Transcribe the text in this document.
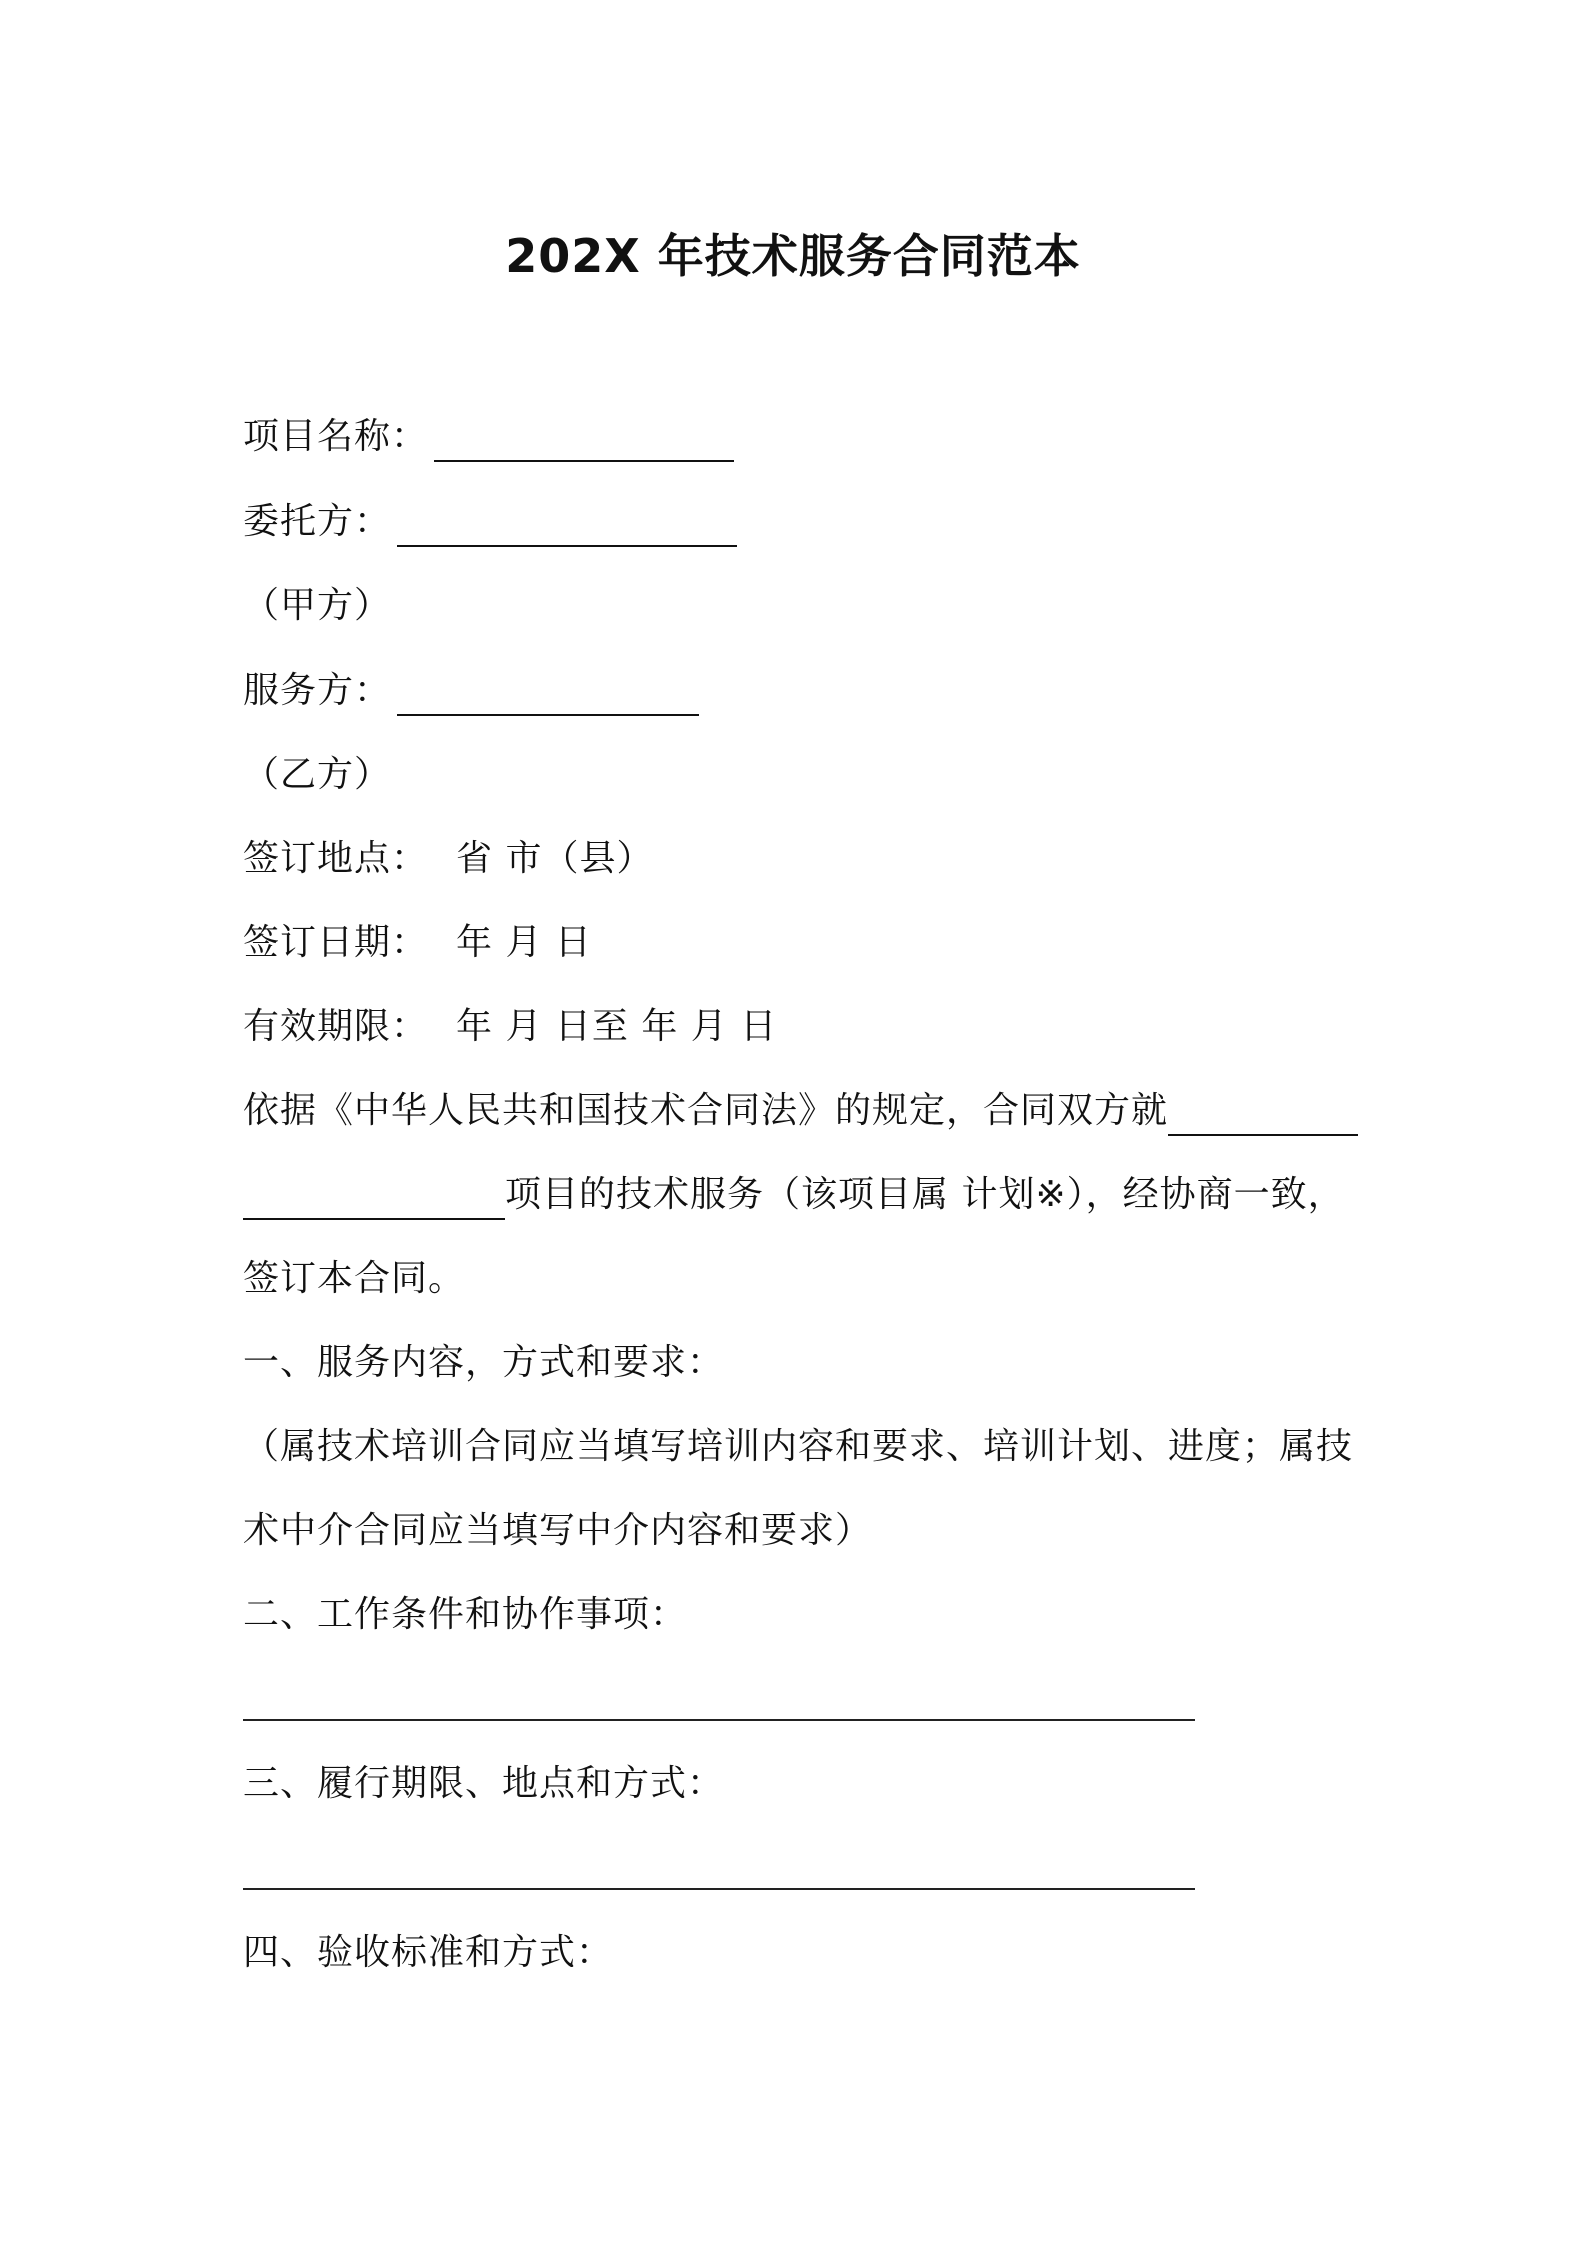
202X 年技术服务合同范本
项目名称：
委托方：
（甲方）
服务方：
（乙方）
签订地点： 省 市（县）
签订日期： 年 月 日
有效期限： 年 月 日至 年 月 日
依据《中华人民共和国技术合同法》的规定，合同双方就
项目的技术服务（该项目属 计划※），经协商一致，
签订本合同。
一、服务内容，方式和要求：
（属技术培训合同应当填写培训内容和要求、培训计划、进度；属技
术中介合同应当填写中介内容和要求）
二、工作条件和协作事项：
三、履行期限、地点和方式：
四、验收标准和方式：
